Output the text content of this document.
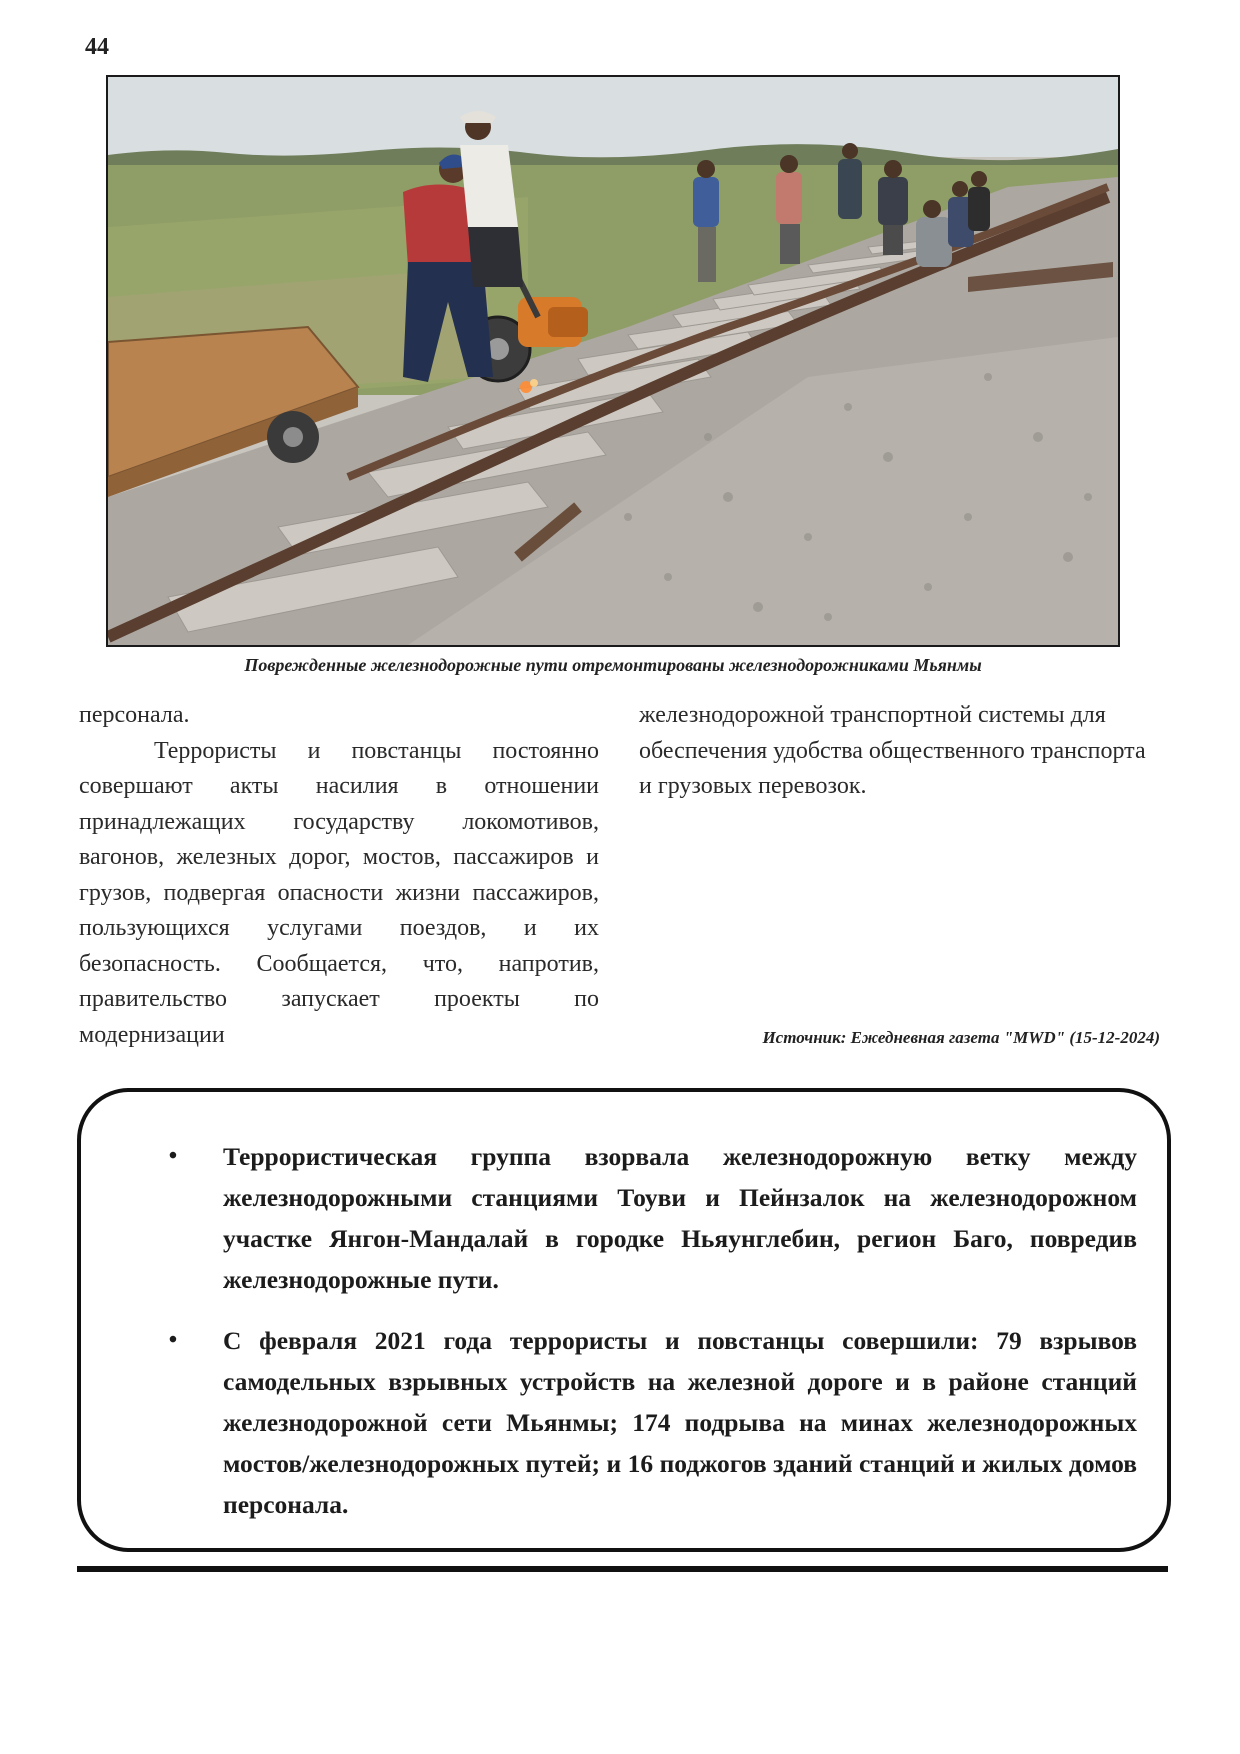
44
Поврежденные железнодорожные пути отремонтированы железнодорожниками Мьянмы

персонала.

Террористы и повстанцы постоянно совершают акты насилия в отношении принадлежащих государству локомотивов, вагонов, железных дорог, мостов, пассажиров и грузов, подвергая опасности жизни пассажиров, пользующихся услугами поездов, и их безопасность. Сообщается, что, напротив, правительство запускает проекты по модернизации

железнодорожной транспортной системы для обеспечения удобства общественного транспорта и грузовых перевозок.

Источник: Ежедневная газета "MWD" (15-12-2024)
•	Террористическая группа взорвала железнодорожную ветку между железнодорожными станциями Тоуви и Пейнзалок на железнодорожном участке Янгон-Мандалай в городке Ньяунглебин, регион Баго, повредив железнодорожные пути.
•	С февраля 2021 года террористы и повстанцы совершили: 79 взрывов самодельных взрывных устройств на железной дороге и в районе станций железнодорожной сети Мьянмы; 174 подрыва на минах железнодорожных мостов/железнодорожных путей; и 16 поджогов зданий станций и жилых домов персонала.
